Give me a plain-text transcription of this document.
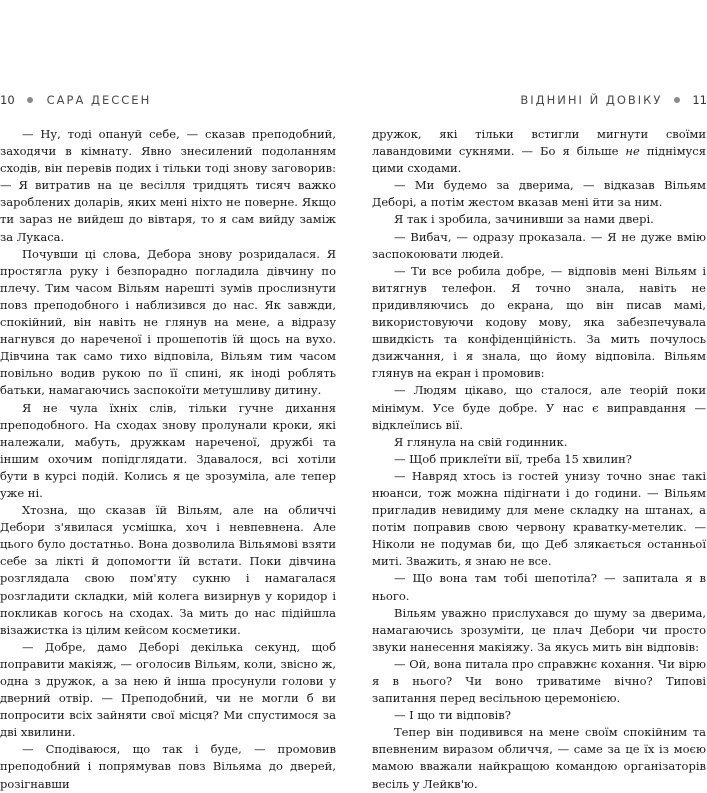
10	САРА ДЕССЕН

— Ну, тоді опануй себе, — сказав преподобний, заходячи в кімнату. Явно знесилений подоланням сходів, він перевів подих і тільки тоді знову заговорив: — Я витратив на це весілля тридцять тисяч важко зароблених доларів, яких мені ніхто не поверне. Якщо ти зараз не вийдеш до вівтаря, то я сам вийду заміж за Лукаса.

Почувши ці слова, Дебора знову розридалася. Я простягла руку і безпорадно погладила дівчину по плечу. Тим часом Вільям нарешті зумів прослизнути повз преподобного і наблизився до нас. Як завжди, спокійний, він навіть не глянув на мене, а відразу нагнувся до нареченої і прошепотів їй щось на вухо. Дівчина так само тихо відповіла, Вільям тим часом повільно водив рукою по її спині, як іноді роблять батьки, намагаючись заспокоїти метушливу дитину.

Я не чула їхніх слів, тільки гучне дихання преподобного. На сходах знову пролунали кроки, які належали, мабуть, дружкам нареченої, дружбі та іншим охочим попідглядати. Здавалося, всі хотіли бути в курсі подій. Колись я це зрозуміла, але тепер уже ні.

Хтозна, що сказав їй Вільям, але на обличчі Дебори з'явилася усмішка, хоч і невпевнена. Але цього було достатньо. Вона дозволила Вільямові взяти себе за лікті й допомогти їй встати. Поки дівчина розглядала свою пом'яту сукню і намагалася розгладити складки, мій колега визирнув у коридор і покликав когось на сходах. За мить до нас підійшла візажистка із цілим кейсом косметики.

— Добре, дамо Деборі декілька секунд, щоб поправити макіяж, — оголосив Вільям, коли, звісно ж, одна з дружок, а за нею й інша просунули голови у дверний отвір. — Преподобний, чи не могли б ви попросити всіх зайняти свої місця? Ми спустимося за дві хвилини.

— Сподіваюся, що так і буде, — промовив преподобний і попрямував повз Вільяма до дверей, розігнавши

ВІДНИНІ Й ДОВІКУ	11

дружок, які тільки встигли мигнути своїми лавандовими сукнями. — Бо я більше не піднімуся цими сходами.

— Ми будемо за дверима, — відказав Вільям Деборі, а потім жестом вказав мені йти за ним.

Я так і зробила, зачинивши за нами двері.

— Вибач, — одразу проказала. — Я не дуже вмію заспокоювати людей.

— Ти все робила добре, — відповів мені Вільям і витягнув телефон. Я точно знала, навіть не придивляючись до екрана, що він писав мамі, використовуючи кодову мову, яка забезпечувала швидкість та конфіденційність. За мить почулось дзижчання, і я знала, що йому відповіла. Вільям глянув на екран і промовив:

— Людям цікаво, що сталося, але теорій поки мінімум. Усе буде добре. У нас є виправдання — відклеїлись вії.

Я глянула на свій годинник.

— Щоб приклеїти вії, треба 15 хвилин?

— Навряд хтось із гостей унизу точно знає такі нюанси, тож можна підігнати і до години. — Вільям пригладив невидиму для мене складку на штанах, а потім поправив свою червону краватку-метелик. — Ніколи не подумав би, що Деб злякається останньої миті. Зважить, я знаю не все.

— Що вона там тобі шепотіла? — запитала я в нього.

Вільям уважно прислухався до шуму за дверима, намагаючись зрозуміти, це плач Дебори чи просто звуки нанесення макіяжу. За якусь мить він відповів:

— Ой, вона питала про справжнє кохання. Чи вірю я в нього? Чи воно триватиме вічно? Типові запитання перед весільною церемонією.

— І що ти відповів?

Тепер він подивився на мене своїм спокійним та впевненим виразом обличчя, — саме за це їх із моєю мамою вважали найкращою командою організаторів весіль у Лейкв'ю.
